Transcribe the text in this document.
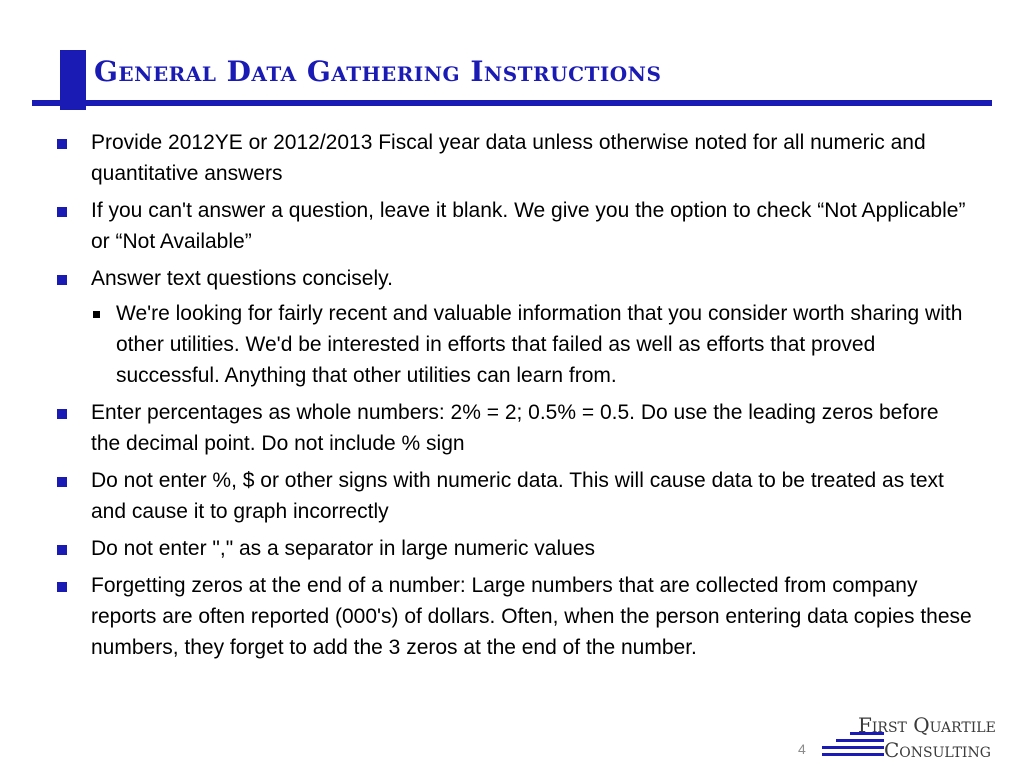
General Data Gathering Instructions
Provide 2012YE or 2012/2013 Fiscal year data unless otherwise noted for all numeric and quantitative answers
If you can't answer a question, leave it blank. We give you the option to check “Not Applicable” or “Not Available”
Answer text questions concisely.
We're looking for fairly recent and valuable information that you consider worth sharing with other utilities. We'd be interested in efforts that failed as well as efforts that proved successful. Anything that other utilities can learn from.
Enter percentages as whole numbers: 2% = 2; 0.5% = 0.5. Do use the leading zeros before the decimal point. Do not include % sign
Do not enter %, $ or other signs with numeric data. This will cause data to be treated as text and cause it to graph incorrectly
Do not enter "," as a separator in large numeric values
Forgetting zeros at the end of a number: Large numbers that are collected from company reports are often reported (000's) of dollars. Often, when the person entering data copies these numbers, they forget to add the 3 zeros at the end of the number.
4
First Quartile
Consulting
